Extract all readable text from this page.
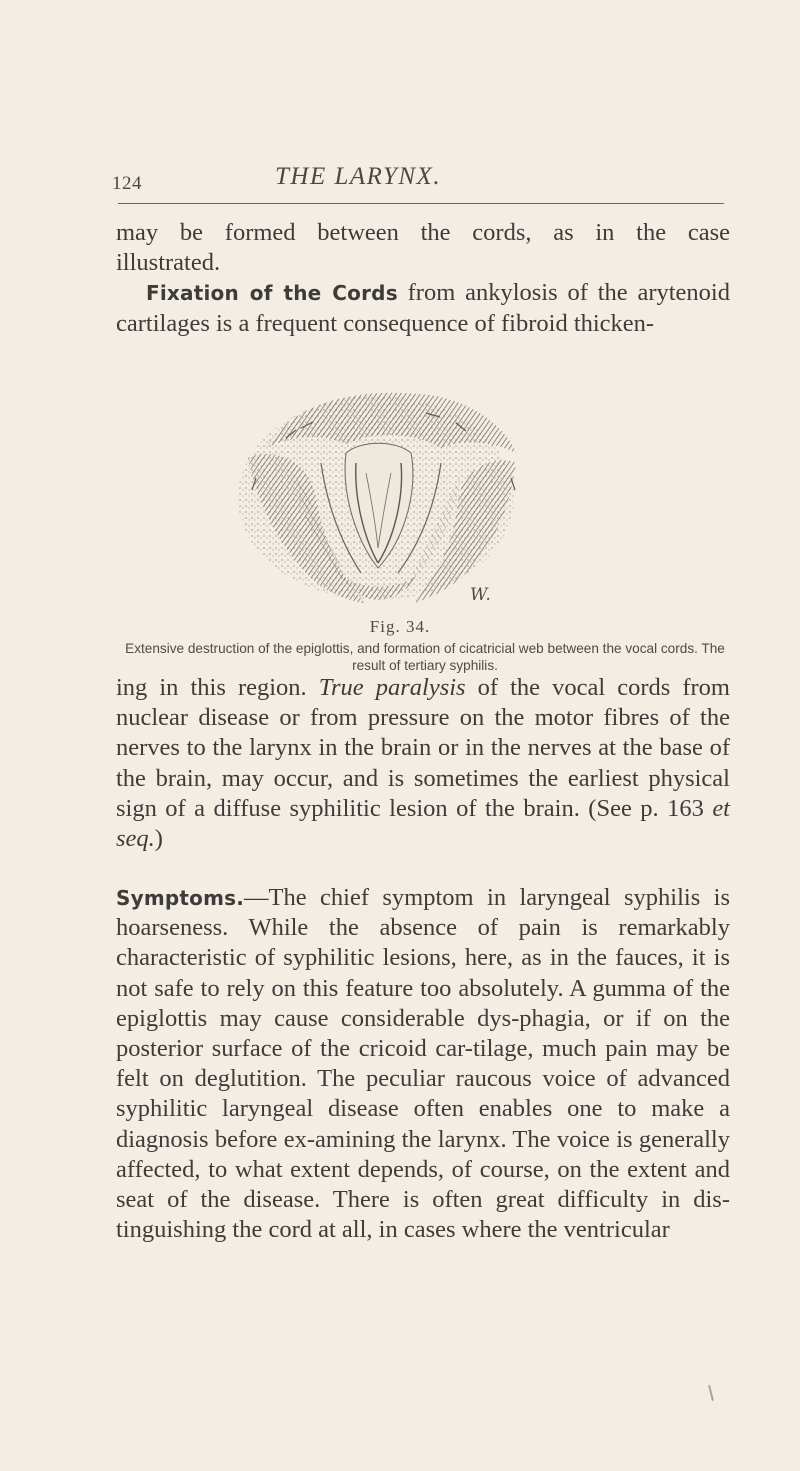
124	THE LARYNX.
may be formed between the cords, as in the case
illustrated.
Fixation of the Cords from ankylosis of the arytenoid cartilages is a frequent consequence of fibroid thicken-
W.
Fig. 34.
Extensive destruction of the epiglottis, and formation of cicatricial web between the vocal cords. The result of tertiary syphilis.

ing in this region. True paralysis of the vocal cords from nuclear disease or from pressure on the motor fibres of the nerves to the larynx in the brain or in the nerves at the base of the brain, may occur, and is sometimes the earliest physical sign of a diffuse syphilitic lesion of the brain. (See p. 163 et seq.)

Symptoms.—The chief symptom in laryngeal syphilis is hoarseness. While the absence of pain is remarkably characteristic of syphilitic lesions, here, as in the fauces, it is not safe to rely on this feature too absolutely. A gumma of the epiglottis may cause considerable dys-phagia, or if on the posterior surface of the cricoid car-tilage, much pain may be felt on deglutition. The peculiar raucous voice of advanced syphilitic laryngeal disease often enables one to make a diagnosis before ex-amining the larynx. The voice is generally affected, to what extent depends, of course, on the extent and seat of the disease. There is often great difficulty in dis-tinguishing the cord at all, in cases where the ventricular
